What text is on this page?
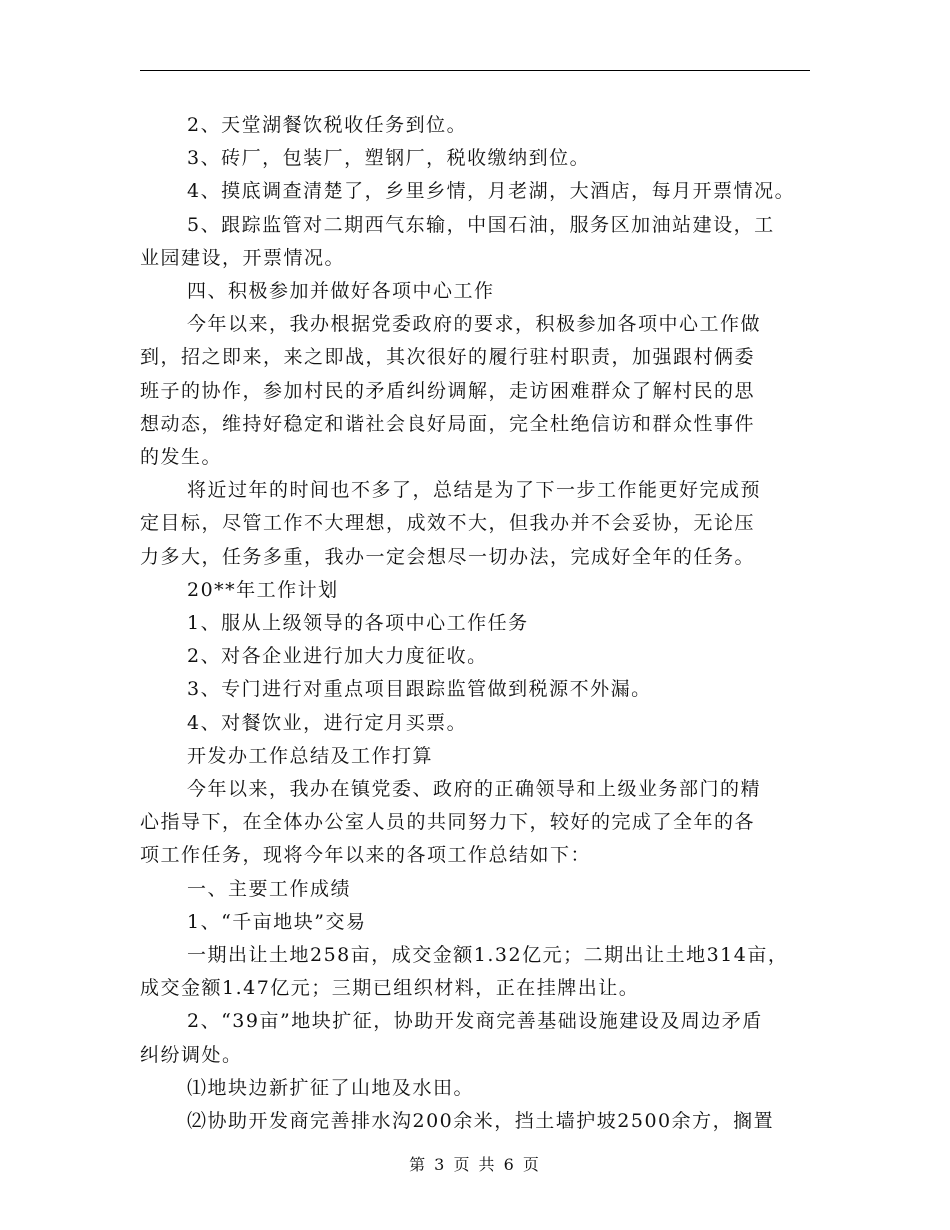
2、天堂湖餐饮税收任务到位。

3、砖厂，包装厂，塑钢厂，税收缴纳到位。

4、摸底调查清楚了，乡里乡情，月老湖，大酒店，每月开票情况。

5、跟踪监管对二期西气东输，中国石油，服务区加油站建设，工

业园建设，开票情况。

四、积极参加并做好各项中心工作

今年以来，我办根据党委政府的要求，积极参加各项中心工作做

到，招之即来，来之即战，其次很好的履行驻村职责，加强跟村俩委

班子的协作，参加村民的矛盾纠纷调解，走访困难群众了解村民的思

想动态，维持好稳定和谐社会良好局面，完全杜绝信访和群众性事件

的发生。

将近过年的时间也不多了，总结是为了下一步工作能更好完成预

定目标，尽管工作不大理想，成效不大，但我办并不会妥协，无论压

力多大，任务多重，我办一定会想尽一切办法，完成好全年的任务。

20**年工作计划

1、服从上级领导的各项中心工作任务

2、对各企业进行加大力度征收。

3、专门进行对重点项目跟踪监管做到税源不外漏。

4、对餐饮业，进行定月买票。

开发办工作总结及工作打算

今年以来，我办在镇党委、政府的正确领导和上级业务部门的精

心指导下，在全体办公室人员的共同努力下，较好的完成了全年的各

项工作任务，现将今年以来的各项工作总结如下：

一、主要工作成绩

1、“千亩地块”交易

一期出让土地258亩，成交金额1.32亿元；二期出让土地314亩，

成交金额1.47亿元；三期已组织材料，正在挂牌出让。

2、“39亩”地块扩征，协助开发商完善基础设施建设及周边矛盾

纠纷调处。

⑴地块边新扩征了山地及水田。

⑵协助开发商完善排水沟200余米，挡土墙护坡2500余方，搁置

第 3 页 共 6 页
